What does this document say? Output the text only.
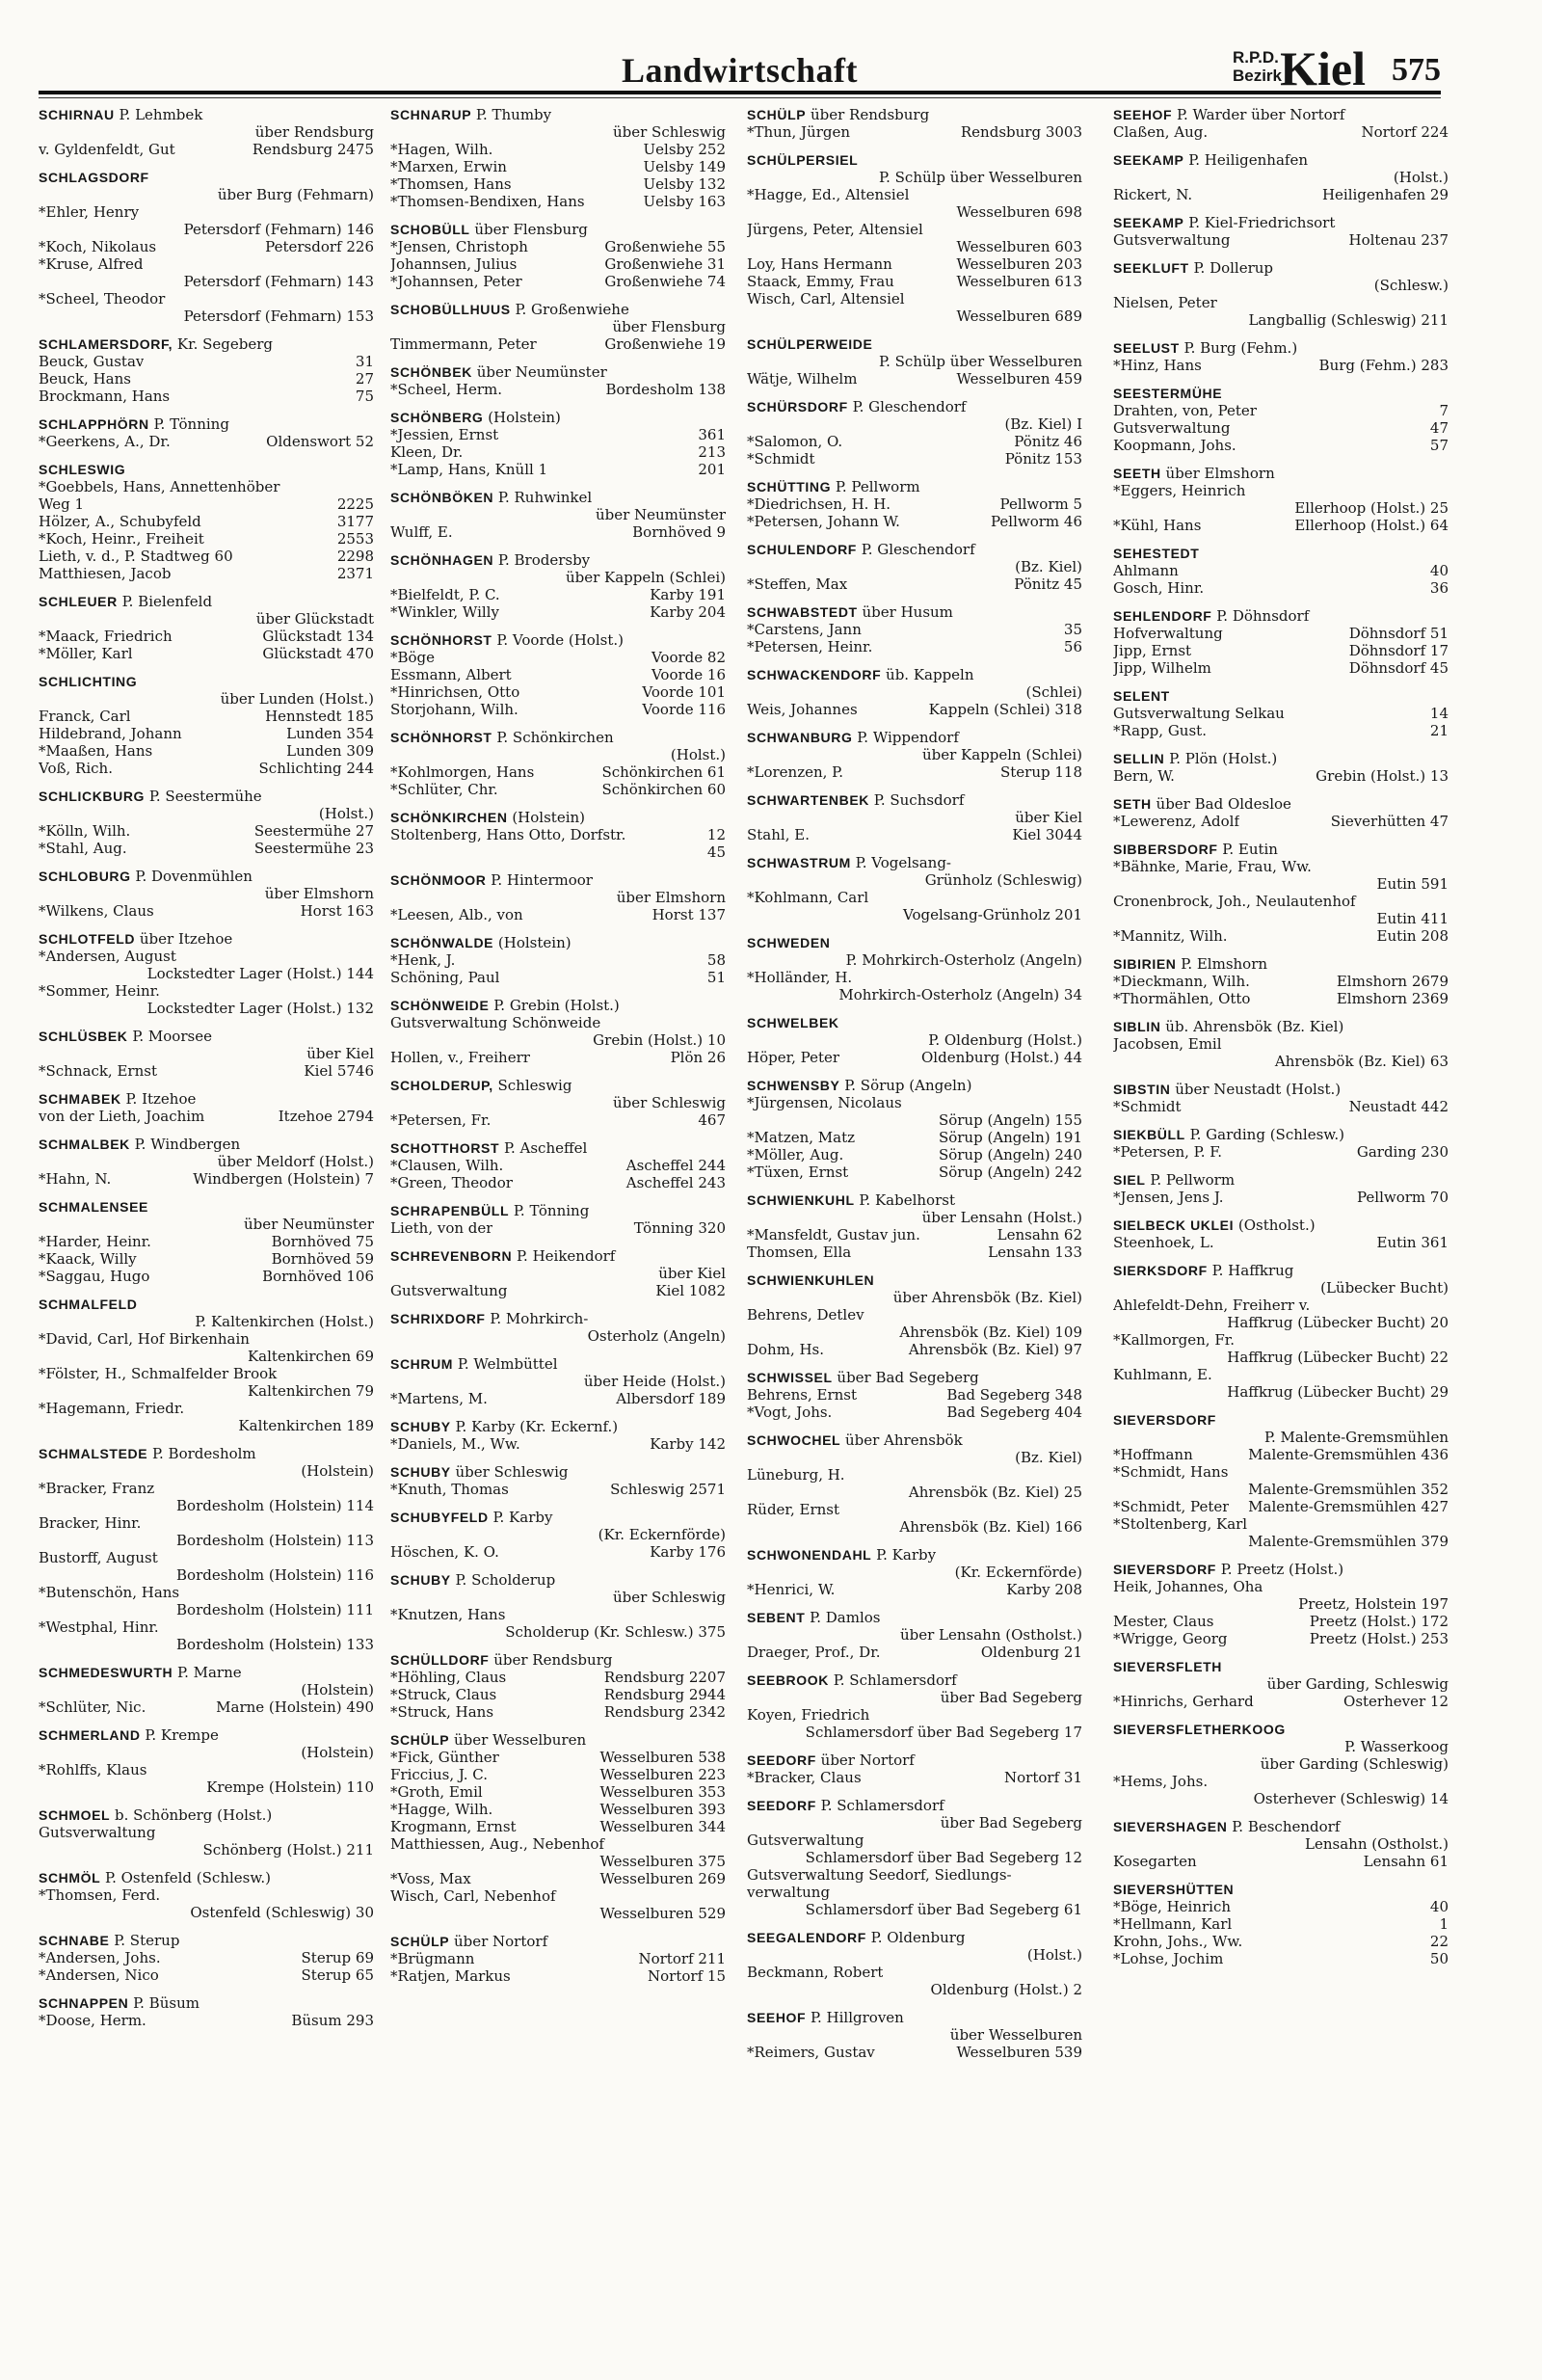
Landwirtschaft	R.P.D.
Bezirk
Kiel 575
SCHIRNAU P. Lehmbek
über Rendsburg
v. Gyldenfeldt, Gut	Rendsburg 2475
SCHLAGSDORF
über Burg (Fehmarn)
*Ehler, Henry
Petersdorf (Fehmarn) 146
*Koch, Nikolaus	Petersdorf 226
*Kruse, Alfred
Petersdorf (Fehmarn) 143
*Scheel, Theodor
Petersdorf (Fehmarn) 153
SCHLAMERSDORF, Kr. Segeberg
Beuck, Gustav	31
Beuck, Hans	27
Brockmann, Hans	75
SCHLAPPHÖRN P. Tönning
*Geerkens, A., Dr.	Oldenswort 52
SCHLESWIG
*Goebbels, Hans, Annettenhöber
Weg 1	2225
Hölzer, A., Schubyfeld	3177
*Koch, Heinr., Freiheit	2553
Lieth, v. d., P. Stadtweg 60	2298
Matthiesen, Jacob	2371
SCHLEUER P. Bielenfeld
über Glückstadt
*Maack, Friedrich	Glückstadt 134
*Möller, Karl	Glückstadt 470
SCHLICHTING
über Lunden (Holst.)
Franck, Carl	Hennstedt 185
Hildebrand, Johann	Lunden 354
*Maaßen, Hans	Lunden 309
Voß, Rich.	Schlichting 244
SCHLICKBURG P. Seestermühe
(Holst.)
*Kölln, Wilh.	Seestermühe 27
*Stahl, Aug.	Seestermühe 23
SCHLOBURG P. Dovenmühlen
über Elmshorn
*Wilkens, Claus	Horst 163
SCHLOTFELD über Itzehoe
*Andersen, August
Lockstedter Lager (Holst.) 144
*Sommer, Heinr.
Lockstedter Lager (Holst.) 132
SCHLÜSBEK P. Moorsee
über Kiel
*Schnack, Ernst	Kiel 5746
SCHMABEK P. Itzehoe
von der Lieth, Joachim	Itzehoe 2794
SCHMALBEK P. Windbergen
über Meldorf (Holst.)
*Hahn, N.	Windbergen (Holstein) 7
SCHMALENSEE
über Neumünster
*Harder, Heinr.	Bornhöved 75
*Kaack, Willy	Bornhöved 59
*Saggau, Hugo	Bornhöved 106
SCHMALFELD
P. Kaltenkirchen (Holst.)
*David, Carl, Hof Birkenhain
Kaltenkirchen 69
*Fölster, H., Schmalfelder Brook
Kaltenkirchen 79
*Hagemann, Friedr.
Kaltenkirchen 189
SCHMALSTEDE P. Bordesholm
(Holstein)
*Bracker, Franz
Bordesholm (Holstein) 114
Bracker, Hinr.
Bordesholm (Holstein) 113
Bustorff, August
Bordesholm (Holstein) 116
*Butenschön, Hans
Bordesholm (Holstein) 111
*Westphal, Hinr.
Bordesholm (Holstein) 133
SCHMEDESWURTH P. Marne
(Holstein)
*Schlüter, Nic.	Marne (Holstein) 490
SCHMERLAND P. Krempe
(Holstein)
*Rohlffs, Klaus
Krempe (Holstein) 110
SCHMOEL b. Schönberg (Holst.)
Gutsverwaltung
Schönberg (Holst.) 211
SCHMÖL P. Ostenfeld (Schlesw.)
*Thomsen, Ferd.
Ostenfeld (Schleswig) 30
SCHNABE P. Sterup
*Andersen, Johs.	Sterup 69
*Andersen, Nico	Sterup 65
SCHNAPPEN P. Büsum
*Doose, Herm.	Büsum 293
SCHNARUP P. Thumby
über Schleswig
*Hagen, Wilh.	Uelsby 252
*Marxen, Erwin	Uelsby 149
*Thomsen, Hans	Uelsby 132
*Thomsen-Bendixen, Hans	Uelsby 163
SCHOBÜLL über Flensburg
*Jensen, Christoph	Großenwiehe 55
Johannsen, Julius	Großenwiehe 31
*Johannsen, Peter	Großenwiehe 74
SCHOBÜLLHUUS P. Großenwiehe
über Flensburg
Timmermann, Peter	Großenwiehe 19
SCHÖNBEK über Neumünster
*Scheel, Herm.	Bordesholm 138
SCHÖNBERG (Holstein)
*Jessien, Ernst	361
Kleen, Dr.	213
*Lamp, Hans, Knüll 1	201
SCHÖNBÖKEN P. Ruhwinkel
über Neumünster
Wulff, E.	Bornhöved 9
SCHÖNHAGEN P. Brodersby
über Kappeln (Schlei)
*Bielfeldt, P. C.	Karby 191
*Winkler, Willy	Karby 204
SCHÖNHORST P. Voorde (Holst.)
*Böge	Voorde 82
Essmann, Albert	Voorde 16
*Hinrichsen, Otto	Voorde 101
Storjohann, Wilh.	Voorde 116
SCHÖNHORST P. Schönkirchen
(Holst.)
*Kohlmorgen, Hans	Schönkirchen 61
*Schlüter, Chr.	Schönkirchen 60
SCHÖNKIRCHEN (Holstein)
Stoltenberg, Hans Otto, Dorfstr.	12
45
SCHÖNMOOR P. Hintermoor
über Elmshorn
*Leesen, Alb., von	Horst 137
SCHÖNWALDE (Holstein)
*Henk, J.	58
Schöning, Paul	51
SCHÖNWEIDE P. Grebin (Holst.)
Gutsverwaltung Schönweide
Grebin (Holst.) 10
Hollen, v., Freiherr	Plön 26
SCHOLDERUP, Schleswig
über Schleswig
*Petersen, Fr.	467
SCHOTTHORST P. Ascheffel
*Clausen, Wilh.	Ascheffel 244
*Green, Theodor	Ascheffel 243
SCHRAPENBÜLL P. Tönning
Lieth, von der	Tönning 320
SCHREVENBORN P. Heikendorf
über Kiel
Gutsverwaltung	Kiel 1082
SCHRIXDORF P. Mohrkirch-
Osterholz (Angeln)
SCHRUM P. Welmbüttel
über Heide (Holst.)
*Martens, M.	Albersdorf 189
SCHUBY P. Karby (Kr. Eckernf.)
*Daniels, M., Ww.	Karby 142
SCHUBY über Schleswig
*Knuth, Thomas	Schleswig 2571
SCHUBYFELD P. Karby
(Kr. Eckernförde)
Höschen, K. O.	Karby 176
SCHUBY P. Scholderup
über Schleswig
*Knutzen, Hans
Scholderup (Kr. Schlesw.) 375
SCHÜLLDORF über Rendsburg
*Höhling, Claus	Rendsburg 2207
*Struck, Claus	Rendsburg 2944
*Struck, Hans	Rendsburg 2342
SCHÜLP über Wesselburen
*Fick, Günther	Wesselburen 538
Friccius, J. C.	Wesselburen 223
*Groth, Emil	Wesselburen 353
*Hagge, Wilh.	Wesselburen 393
Krogmann, Ernst	Wesselburen 344
Matthiessen, Aug., Nebenhof
Wesselburen 375
*Voss, Max	Wesselburen 269
Wisch, Carl, Nebenhof
Wesselburen 529
SCHÜLP über Nortorf
*Brügmann	Nortorf 211
*Ratjen, Markus	Nortorf 15
SCHÜLP über Rendsburg
*Thun, Jürgen	Rendsburg 3003
SCHÜLPERSIEL
P. Schülp über Wesselburen
*Hagge, Ed., Altensiel
Wesselburen 698
Jürgens, Peter, Altensiel
Wesselburen 603
Loy, Hans Hermann	Wesselburen 203
Staack, Emmy, Frau	Wesselburen 613
Wisch, Carl, Altensiel
Wesselburen 689
SCHÜLPERWEIDE
P. Schülp über Wesselburen
Wätje, Wilhelm	Wesselburen 459
SCHÜRSDORF P. Gleschendorf
(Bz. Kiel) I
*Salomon, O.	Pönitz 46
*Schmidt	Pönitz 153
SCHÜTTING P. Pellworm
*Diedrichsen, H. H.	Pellworm 5
*Petersen, Johann W.	Pellworm 46
SCHULENDORF P. Gleschendorf
(Bz. Kiel)
*Steffen, Max	Pönitz 45
SCHWABSTEDT über Husum
*Carstens, Jann	35
*Petersen, Heinr.	56
SCHWACKENDORF üb. Kappeln
(Schlei)
Weis, Johannes	Kappeln (Schlei) 318
SCHWANBURG P. Wippendorf
über Kappeln (Schlei)
*Lorenzen, P.	Sterup 118
SCHWARTENBEK P. Suchsdorf
über Kiel
Stahl, E.	Kiel 3044
SCHWASTRUM P. Vogelsang-
Grünholz (Schleswig)
*Kohlmann, Carl
Vogelsang-Grünholz 201
SCHWEDEN
P. Mohrkirch-Osterholz (Angeln)
*Holländer, H.
Mohrkirch-Osterholz (Angeln) 34
SCHWELBEK
P. Oldenburg (Holst.)
Höper, Peter	Oldenburg (Holst.) 44
SCHWENSBY P. Sörup (Angeln)
*Jürgensen, Nicolaus
Sörup (Angeln) 155
*Matzen, Matz	Sörup (Angeln) 191
*Möller, Aug.	Sörup (Angeln) 240
*Tüxen, Ernst	Sörup (Angeln) 242
SCHWIENKUHL P. Kabelhorst
über Lensahn (Holst.)
*Mansfeldt, Gustav jun.	Lensahn 62
Thomsen, Ella	Lensahn 133
SCHWIENKUHLEN
über Ahrensbök (Bz. Kiel)
Behrens, Detlev
Ahrensbök (Bz. Kiel) 109
Dohm, Hs.	Ahrensbök (Bz. Kiel) 97
SCHWISSEL über Bad Segeberg
Behrens, Ernst	Bad Segeberg 348
*Vogt, Johs.	Bad Segeberg 404
SCHWOCHEL über Ahrensbök
(Bz. Kiel)
Lüneburg, H.
Ahrensbök (Bz. Kiel) 25
Rüder, Ernst
Ahrensbök (Bz. Kiel) 166
SCHWONENDAHL P. Karby
(Kr. Eckernförde)
*Henrici, W.	Karby 208
SEBENT P. Damlos
über Lensahn (Ostholst.)
Draeger, Prof., Dr.	Oldenburg 21
SEEBROOK P. Schlamersdorf
über Bad Segeberg
Koyen, Friedrich
Schlamersdorf über Bad Segeberg 17
SEEDORF über Nortorf
*Bracker, Claus	Nortorf 31
SEEDORF P. Schlamersdorf
über Bad Segeberg
Gutsverwaltung
Schlamersdorf über Bad Segeberg 12
Gutsverwaltung Seedorf, Siedlungs-
verwaltung
Schlamersdorf über Bad Segeberg 61
SEEGALENDORF P. Oldenburg
(Holst.)
Beckmann, Robert
Oldenburg (Holst.) 2
SEEHOF P. Hillgroven
über Wesselburen
*Reimers, Gustav	Wesselburen 539
SEEHOF P. Warder über Nortorf
Claßen, Aug.	Nortorf 224
SEEKAMP P. Heiligenhafen
(Holst.)
Rickert, N.	Heiligenhafen 29
SEEKAMP P. Kiel-Friedrichsort
Gutsverwaltung	Holtenau 237
SEEKLUFT P. Dollerup
(Schlesw.)
Nielsen, Peter
Langballig (Schleswig) 211
SEELUST P. Burg (Fehm.)
*Hinz, Hans	Burg (Fehm.) 283
SEESTERMÜHE
Drahten, von, Peter	7
Gutsverwaltung	47
Koopmann, Johs.	57
SEETH über Elmshorn
*Eggers, Heinrich
Ellerhoop (Holst.) 25
*Kühl, Hans	Ellerhoop (Holst.) 64
SEHESTEDT
Ahlmann	40
Gosch, Hinr.	36
SEHLENDORF P. Döhnsdorf
Hofverwaltung	Döhnsdorf 51
Jipp, Ernst	Döhnsdorf 17
Jipp, Wilhelm	Döhnsdorf 45
SELENT
Gutsverwaltung Selkau	14
*Rapp, Gust.	21
SELLIN P. Plön (Holst.)
Bern, W.	Grebin (Holst.) 13
SETH über Bad Oldesloe
*Lewerenz, Adolf	Sieverhütten 47
SIBBERSDORF P. Eutin
*Bähnke, Marie, Frau, Ww.
Eutin 591
Cronenbrock, Joh., Neulautenhof
Eutin 411
*Mannitz, Wilh.	Eutin 208
SIBIRIEN P. Elmshorn
*Dieckmann, Wilh.	Elmshorn 2679
*Thormählen, Otto	Elmshorn 2369
SIBLIN üb. Ahrensbök (Bz. Kiel)
Jacobsen, Emil
Ahrensbök (Bz. Kiel) 63
SIBSTIN über Neustadt (Holst.)
*Schmidt	Neustadt 442
SIEKBÜLL P. Garding (Schlesw.)
*Petersen, P. F.	Garding 230
SIEL P. Pellworm
*Jensen, Jens J.	Pellworm 70
SIELBECK UKLEI (Ostholst.)
Steenhoek, L.	Eutin 361
SIERKSDORF P. Haffkrug
(Lübecker Bucht)
Ahlefeldt-Dehn, Freiherr v.
Haffkrug (Lübecker Bucht) 20
*Kallmorgen, Fr.
Haffkrug (Lübecker Bucht) 22
Kuhlmann, E.
Haffkrug (Lübecker Bucht) 29
SIEVERSDORF
P. Malente-Gremsmühlen
*Hoffmann	Malente-Gremsmühlen 436
*Schmidt, Hans
Malente-Gremsmühlen 352
*Schmidt, Peter	Malente-Gremsmühlen 427
*Stoltenberg, Karl
Malente-Gremsmühlen 379
SIEVERSDORF P. Preetz (Holst.)
Heik, Johannes, Oha
Preetz, Holstein 197
Mester, Claus	Preetz (Holst.) 172
*Wrigge, Georg	Preetz (Holst.) 253
SIEVERSFLETH
über Garding, Schleswig
*Hinrichs, Gerhard	Osterhever 12
SIEVERSFLETHERKOOG
P. Wasserkoog
über Garding (Schleswig)
*Hems, Johs.
Osterhever (Schleswig) 14
SIEVERSHAGEN P. Beschendorf
Lensahn (Ostholst.)
Kosegarten	Lensahn 61
SIEVERSHÜTTEN
*Böge, Heinrich	40
*Hellmann, Karl	1
Krohn, Johs., Ww.	22
*Lohse, Jochim	50
